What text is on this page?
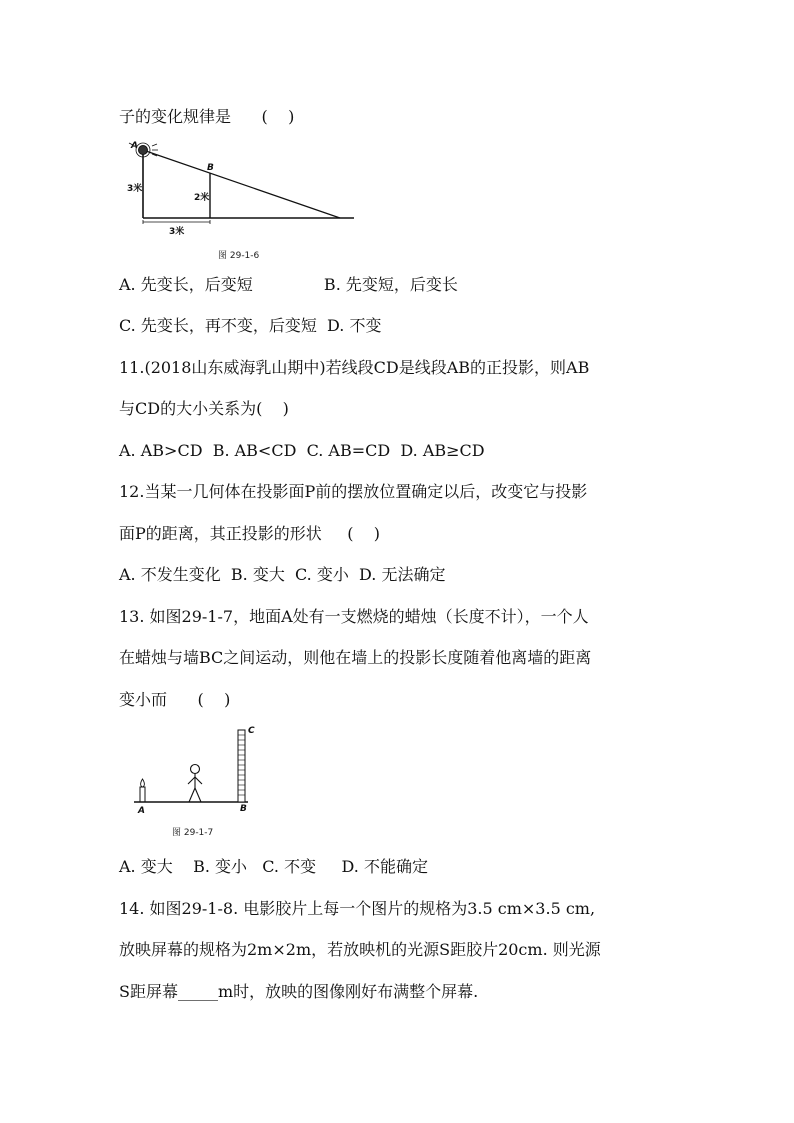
子的变化规律是      (    )
A
B
3米
2米
3米
图 29-1-6
A. 先变长，后变短              B. 先变短，后变长
C. 先变长，再不变，后变短  D. 不变
11.(2018山东威海乳山期中)若线段CD是线段AB的正投影，则AB
与CD的大小关系为(    )
A. AB>CD  B. AB<CD  C. AB=CD  D. AB≥CD
12.当某一几何体在投影面P前的摆放位置确定以后，改变它与投影
面P的距离，其正投影的形状     (    )
A. 不发生变化  B. 变大  C. 变小  D. 无法确定
13. 如图29-1-7，地面A处有一支燃烧的蜡烛（长度不计），一个人
在蜡烛与墙BC之间运动，则他在墙上的投影长度随着他离墙的距离
变小而      (    )
A	B
C
图 29-1-7
A. 变大    B. 变小   C. 不变     D. 不能确定
14. 如图29-1-8. 电影胶片上每一个图片的规格为3.5 cm×3.5 cm,
放映屏幕的规格为2m×2m，若放映机的光源S距胶片20cm. 则光源
S距屏幕_____m时，放映的图像刚好布满整个屏幕.
